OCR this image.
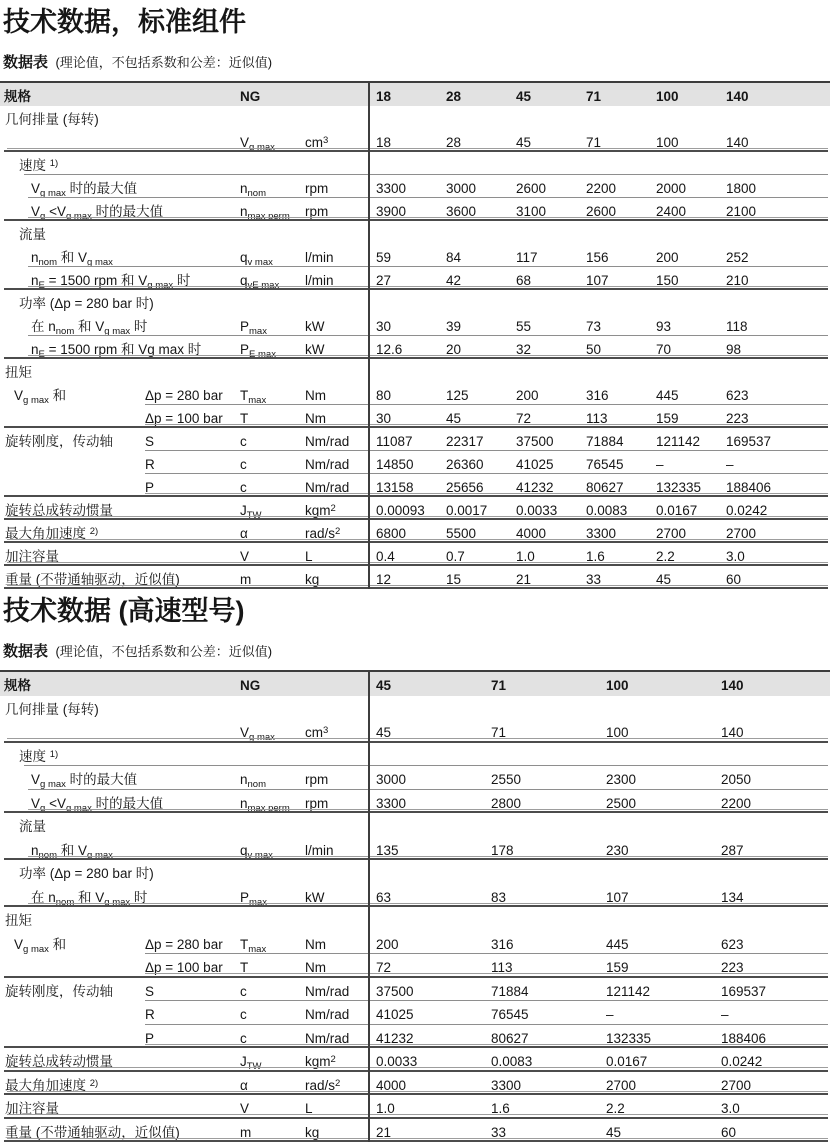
技术数据，标准组件
数据表 (理论值，不包括系数和公差：近似值)
规格	NG	18	28	45	71	100	140
几何排量 (每转)
$V_{g max}$ $cm^3$	18	28	45	71	100	140
速度 $^{1)}$
$V_{g max}$ 时的最大值	$n_{nom}$	rpm	3300	3000	2600	2200	2000	1800
$V_g <V_{g max}$ 时的最大值	$n_{max perm}$ rpm	3900	3600	3100	2600	2400	2100
流量
$n_{nom}$ 和 $V_{g max}$	$q_{v max}$ l/min	59	84	117	156	200	252
$n_E = 1500$ rpm 和 $V_{g max}$ 时	$q_{vE max}$ l/min	27	42	68	107	150	210
功率 (Δp = 280 bar 时)
在 $n_{nom}$ 和 $V_{g max}$ 时	$P_{max}$	kW	30	39	55	73	93	118
$n_E = 1500$ rpm 和 Vg max 时	$P_{E max}$ kW	12.6	20	32	50	70	98
扭矩
$V_{g max}$ 和	Δp = 280 bar $T_{max}$	Nm	80	125	200	316	445	623
Δp = 100 bar T	Nm	30	45	72	113	159	223
旋转刚度，传动轴 S	c	Nm/rad 11087	22317	37500	71884	121142	169537
R	c	Nm/rad 14850	26360	41025	76545	–	–
P	c	Nm/rad 13158	25656	41232	80627	132335	188406
旋转总成转动惯量	$J_{TW}$	kgm$^2$	0.00093	0.0017	0.0033	0.0083	0.0167	0.0242
最大角加速度 $^{2)}$	α	rad/$s^2$	6800	5500	4000	3300	2700	2700
加注容量	V	L	0.4	0.7	1.0	1.6	2.2	3.0
重量 (不带通轴驱动，近似值)	m	kg	12	15	21	33	45	60
技术数据 (高速型号)
数据表 (理论值，不包括系数和公差：近似值)
规格	NG	45	71	100	140
几何排量 (每转)
$V_{g max}$ $cm^3$	45	71	100	140
速度 $^{1)}$
$V_{g max}$ 时的最大值	$n_{nom}$	rpm	3000	2550	2300	2050
$V_g <V_{g max}$ 时的最大值	$n_{max perm}$ rpm	3300	2800	2500	2200
流量
$n_{nom}$ 和 $V_{g max}$	$q_{v max}$ l/min	135	178	230	287
功率 (Δp = 280 bar 时)
在 $n_{nom}$ 和 $V_{g max}$ 时	$P_{max}$	kW	63	83	107	134
扭矩
$V_{g max}$ 和	Δp = 280 bar $T_{max}$	Nm	200	316	445	623
Δp = 100 bar T	Nm	72	113	159	223
旋转刚度，传动轴 S	c	Nm/rad 37500	71884	121142	169537
R	c	Nm/rad 41025	76545	–	–
P	c	Nm/rad 41232	80627	132335	188406
旋转总成转动惯量	$J_{TW}$	kgm$^2$	0.0033	0.0083	0.0167	0.0242
最大角加速度 $^{2)}$	α	rad/$s^2$	4000	3300	2700	2700
加注容量	V	L	1.0	1.6	2.2	3.0
重量 (不带通轴驱动，近似值)	m	kg	21	33	45	60
